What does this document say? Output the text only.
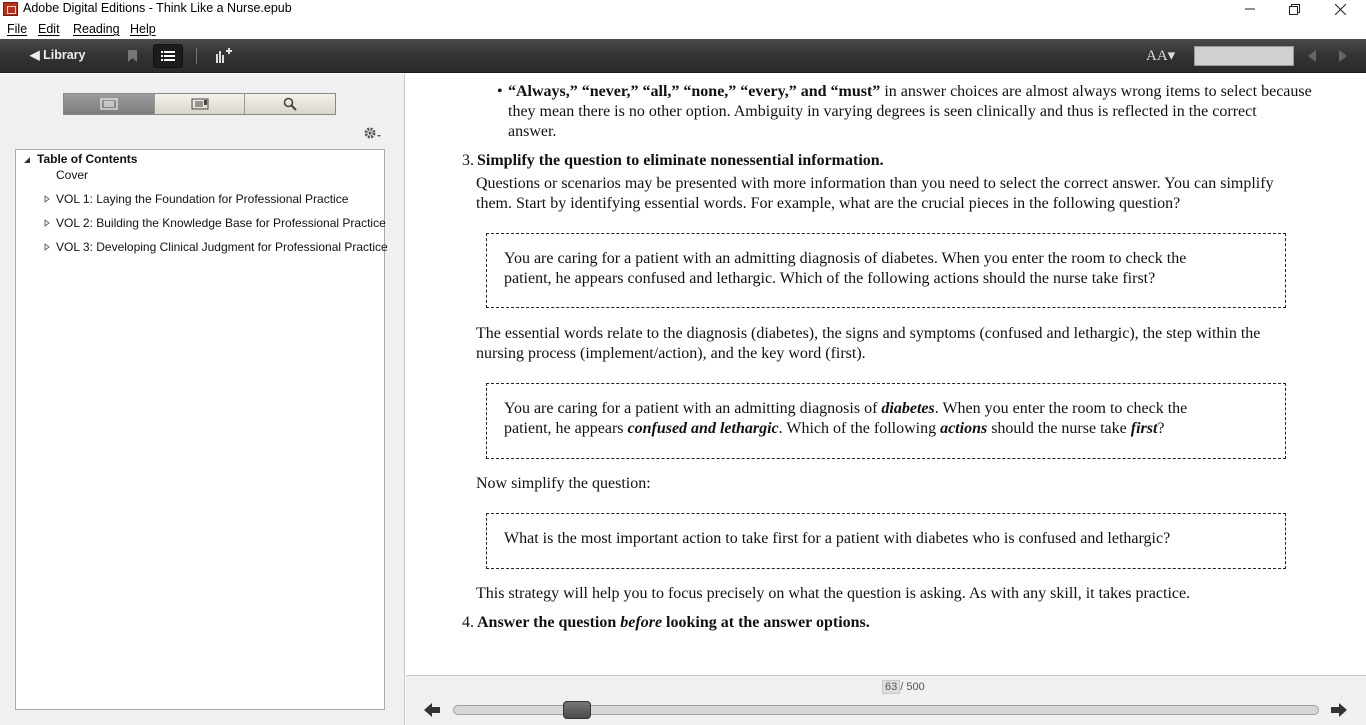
Adobe Digital Editions - Think Like a Nurse.epub
File Edit Reading Help
◀ Library	AA▾
Table of Contents
Cover
VOL 1: Laying the Foundation for Professional Practice
VOL 2: Building the Knowledge Base for Professional Practice
VOL 3: Developing Clinical Judgment for Professional Practice
• “Always,” “never,” “all,” “none,” “every,” and “must” in answer choices are almost always wrong items to select because
they mean there is no other option. Ambiguity in varying degrees is seen clinically and thus is reflected in the correct
answer.
3. Simplify the question to eliminate nonessential information.
Questions or scenarios may be presented with more information than you need to select the correct answer. You can simplify
them. Start by identifying essential words. For example, what are the crucial pieces in the following question?
You are caring for a patient with an admitting diagnosis of diabetes. When you enter the room to check the
patient, he appears confused and lethargic. Which of the following actions should the nurse take first?
The essential words relate to the diagnosis (diabetes), the signs and symptoms (confused and lethargic), the step within the
nursing process (implement/action), and the key word (first).
You are caring for a patient with an admitting diagnosis of diabetes. When you enter the room to check the
patient, he appears confused and lethargic. Which of the following actions should the nurse take first?
Now simplify the question:
What is the most important action to take first for a patient with diabetes who is confused and lethargic?
This strategy will help you to focus precisely on what the question is asking. As with any skill, it takes practice.
4. Answer the question before looking at the answer options.
63 / 500
